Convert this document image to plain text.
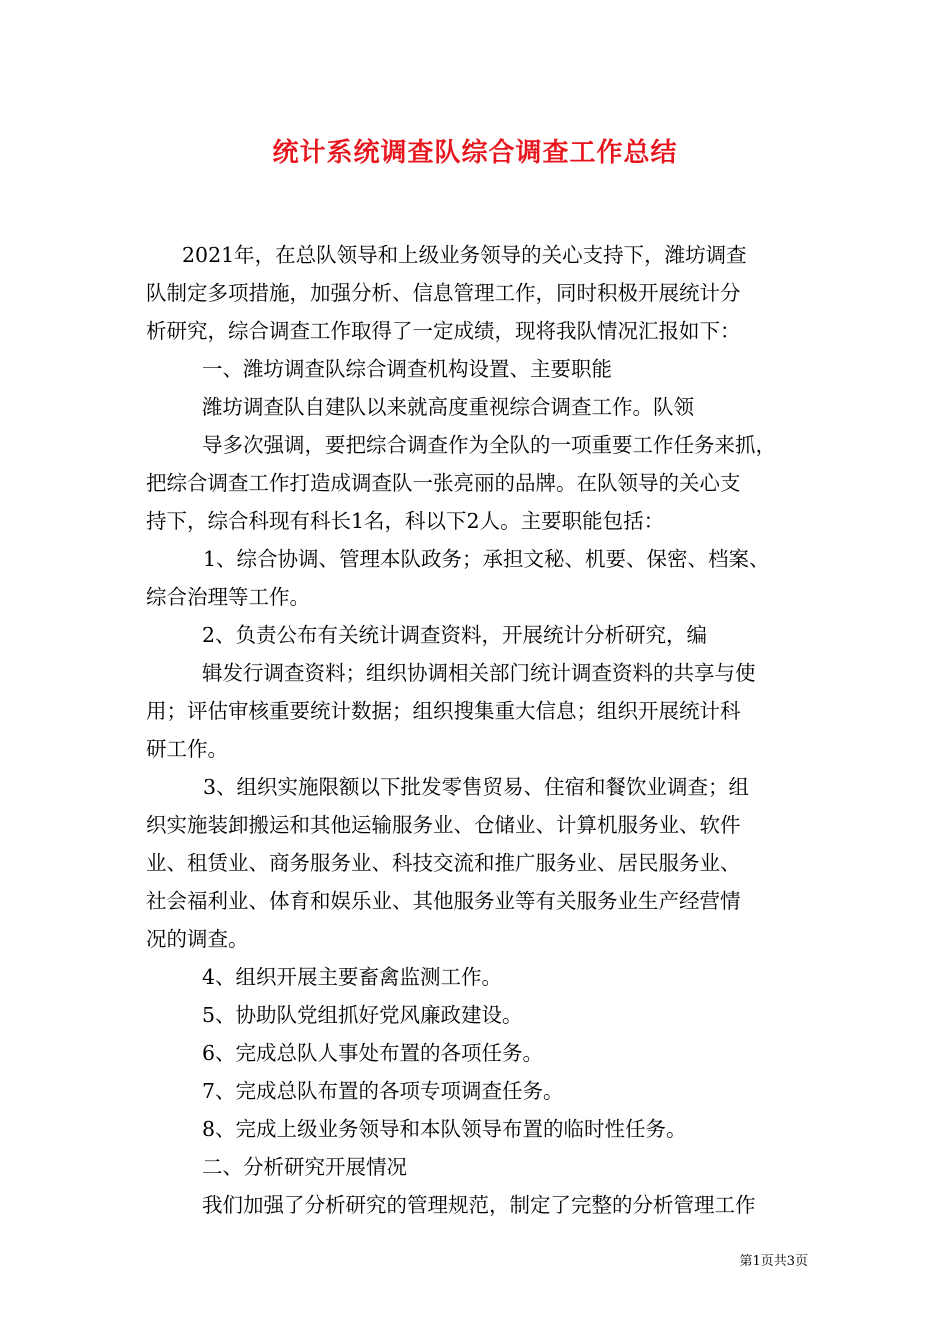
统计系统调查队综合调查工作总结
2021年，在总队领导和上级业务领导的关心支持下，潍坊调查
队制定多项措施，加强分析、信息管理工作，同时积极开展统计分
析研究，综合调查工作取得了一定成绩，现将我队情况汇报如下：
一、潍坊调查队综合调查机构设置、主要职能
潍坊调查队自建队以来就高度重视综合调查工作。队领
导多次强调，要把综合调查作为全队的一项重要工作任务来抓，
把综合调查工作打造成调查队一张亮丽的品牌。在队领导的关心支
持下，综合科现有科长1名，科以下2人。主要职能包括：
1、综合协调、管理本队政务；承担文秘、机要、保密、档案、
综合治理等工作。
2、负责公布有关统计调查资料，开展统计分析研究，编
辑发行调查资料；组织协调相关部门统计调查资料的共享与使
用；评估审核重要统计数据；组织搜集重大信息；组织开展统计科
研工作。
3、组织实施限额以下批发零售贸易、住宿和餐饮业调查；组
织实施装卸搬运和其他运输服务业、仓储业、计算机服务业、软件
业、租赁业、商务服务业、科技交流和推广服务业、居民服务业、
社会福利业、体育和娱乐业、其他服务业等有关服务业生产经营情
况的调查。
4、组织开展主要畜禽监测工作。
5、协助队党组抓好党风廉政建设。
6、完成总队人事处布置的各项任务。
7、完成总队布置的各项专项调查任务。
8、完成上级业务领导和本队领导布置的临时性任务。
二、分析研究开展情况
我们加强了分析研究的管理规范，制定了完整的分析管理工作
第1页共3页
